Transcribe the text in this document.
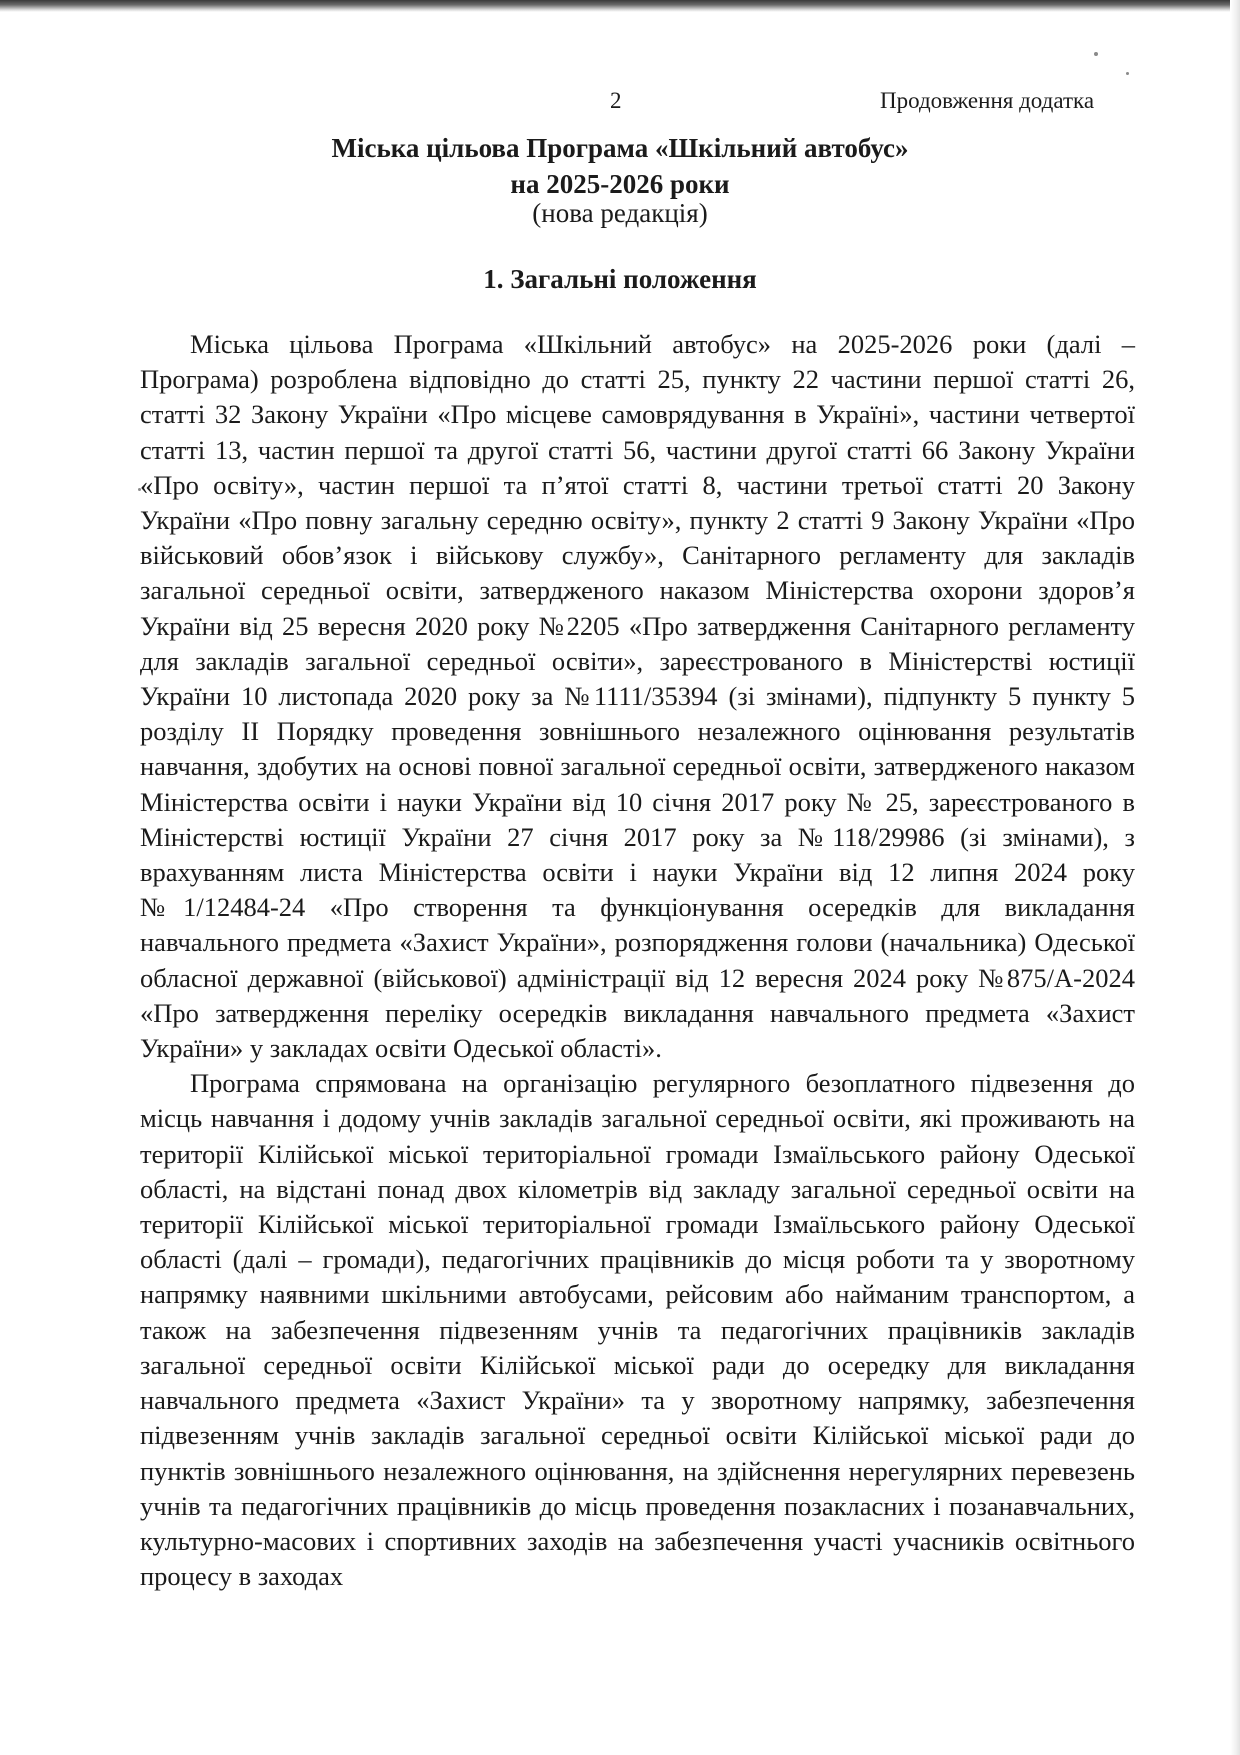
2	Продовження додатка
Міська цільова Програма «Шкільний автобус»
на 2025-2026 роки
(нова редакція)
1. Загальні положення

Міська цільова Програма «Шкільний автобус» на 2025-2026 роки (далі – Програма) розроблена відповідно до статті 25, пункту 22 частини першої статті 26, статті 32 Закону України «Про місцеве самоврядування в Україні», частини четвертої статті 13, частин першої та другої статті 56, частини другої статті 66 Закону України «Про освіту», частин першої та п’ятої статті 8, частини третьої статті 20 Закону України «Про повну загальну середню освіту», пункту 2 статті 9 Закону України «Про військовий обов’язок і військову службу», Санітарного регламенту для закладів загальної середньої освіти, затвердженого наказом Міністерства охорони здоров’я України від 25 вересня 2020 року №2205 «Про затвердження Санітарного регламенту для закладів загальної середньої освіти», зареєстрованого в Міністерстві юстиції України 10 листопада 2020 року за №1111/35394 (зі змінами), підпункту 5 пункту 5 розділу ІІ Порядку проведення зовнішнього незалежного оцінювання результатів навчання, здобутих на основі повної загальної середньої освіти, затвердженого наказом Міністерства освіти і науки України від 10 січня 2017 року № 25, зареєстрованого в Міністерстві юстиції України 27 січня 2017 року за №118/29986 (зі змінами), з врахуванням листа Міністерства освіти і науки України від 12 липня 2024 року №1/12484-24 «Про створення та функціонування осередків для викладання навчального предмета «Захист України», розпорядження голови (начальника) Одеської обласної державної (військової) адміністрації від 12 вересня 2024 року №875/А-2024 «Про затвердження переліку осередків викладання навчального предмета «Захист України» у закладах освіти Одеської області».

Програма спрямована на організацію регулярного безоплатного підвезення до місць навчання і додому учнів закладів загальної середньої освіти, які проживають на території Кілійської міської територіальної громади Ізмаїльського району Одеської області, на відстані понад двох кілометрів від закладу загальної середньої освіти на території Кілійської міської територіальної громади Ізмаїльського району Одеської області (далі – громади), педагогічних працівників до місця роботи та у зворотному напрямку наявними шкільними автобусами, рейсовим або найманим транспортом, а також на забезпечення підвезенням учнів та педагогічних працівників закладів загальної середньої освіти Кілійської міської ради до осередку для викладання навчального предмета «Захист України» та у зворотному напрямку, забезпечення підвезенням учнів закладів загальної середньої освіти Кілійської міської ради до пунктів зовнішнього незалежного оцінювання, на здійснення нерегулярних перевезень учнів та педагогічних працівників до місць проведення позакласних і позанавчальних, культурно-масових і спортивних заходів на забезпечення участі учасників освітнього процесу в заходах
